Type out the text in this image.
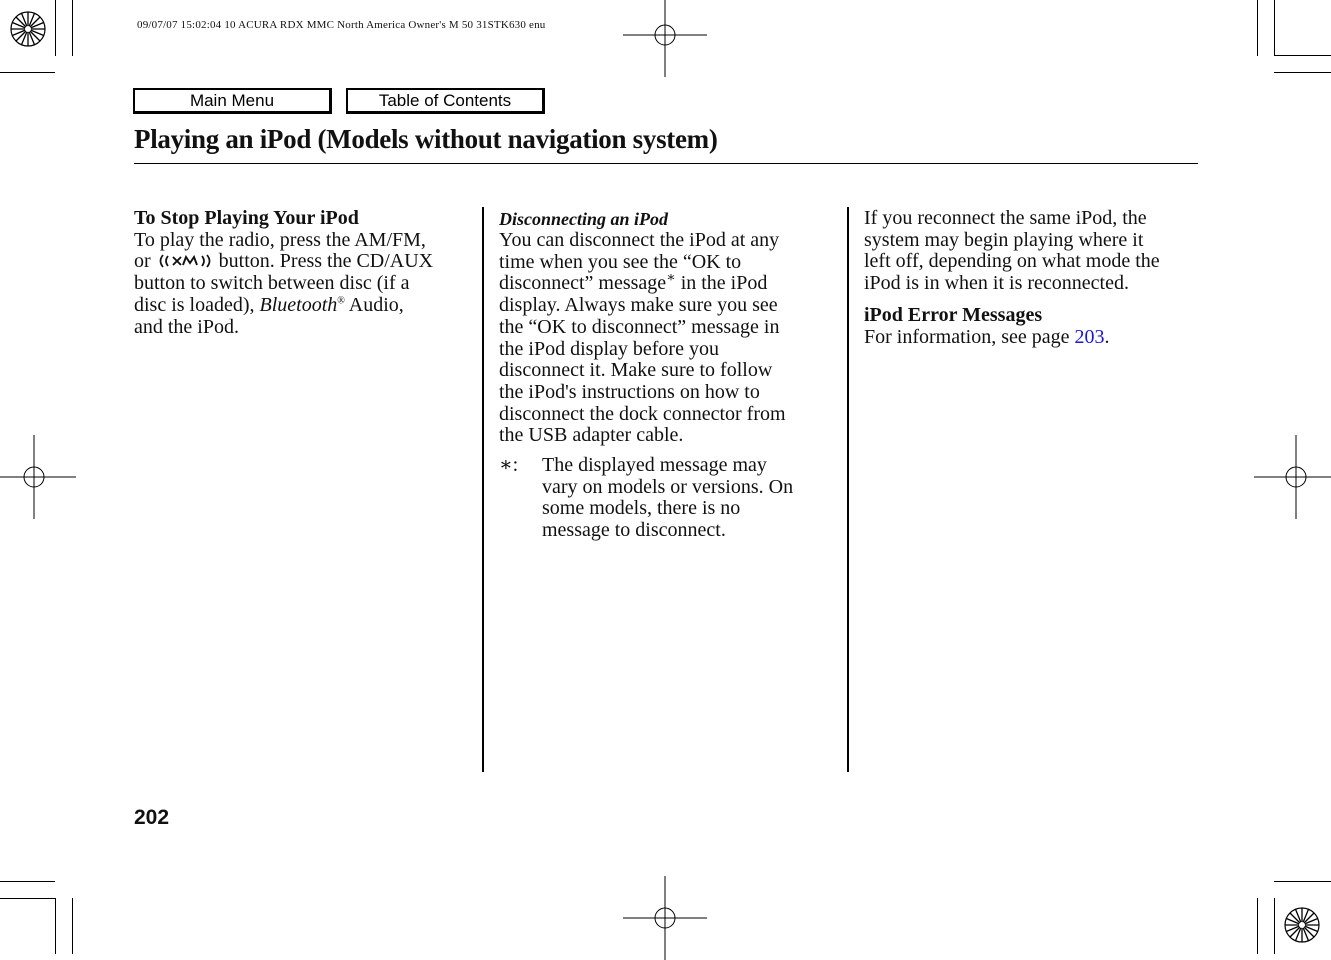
09/07/07 15:02:04 10 ACURA RDX MMC North America Owner's M 50 31STK630 enu
Main Menu	Table of Contents
Playing an iPod (Models without navigation system)
To Stop Playing Your iPod
To play the radio, press the AM/FM,
or	button. Press the CD/AUX
button to switch between disc (if a
disc is loaded), Bluetooth® Audio,
and the iPod.
Disconnecting an iPod
You can disconnect the iPod at any
time when you see the “OK to
disconnect” message∗ in the iPod
display. Always make sure you see
the “OK to disconnect” message in
the iPod display before you
disconnect it. Make sure to follow
the iPod's instructions on how to
disconnect the dock connector from
the USB adapter cable.
∗: The displayed message may
vary on models or versions. On
some models, there is no
message to disconnect.
If you reconnect the same iPod, the
system may begin playing where it
left off, depending on what mode the
iPod is in when it is reconnected.
iPod Error Messages
For information, see page 203.
202
